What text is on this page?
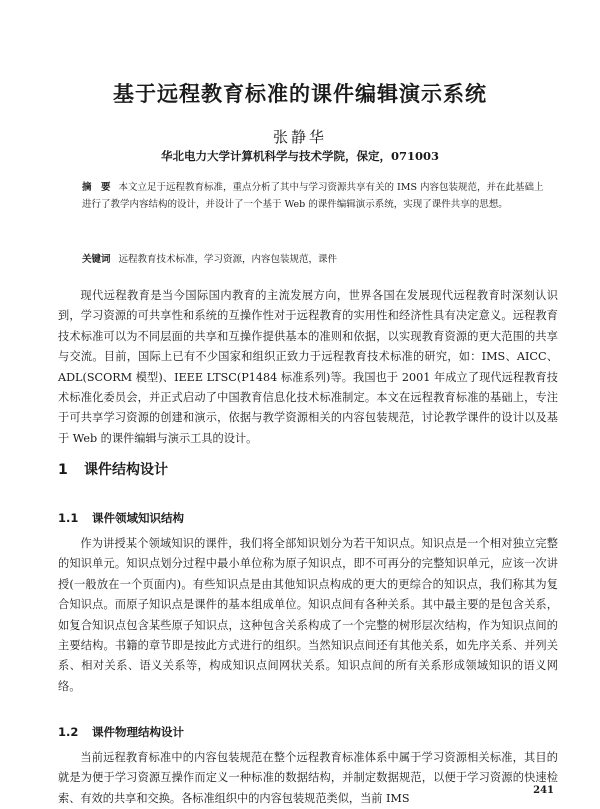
基于远程教育标准的课件编辑演示系统
张静华
华北电力大学计算机科学与技术学院，保定，071003
摘　要 本文立足于远程教育标准，重点分析了其中与学习资源共享有关的 IMS 内容包装规范，并在此基础上进行了教学内容结构的设计，并设计了一个基于 Web 的课件编辑演示系统，实现了课件共享的思想。
关键词 远程教育技术标准，学习资源，内容包装规范，课件

现代远程教育是当今国际国内教育的主流发展方向，世界各国在发展现代远程教育时深刻认识到，学习资源的可共享性和系统的互操作性对于远程教育的实用性和经济性具有决定意义。远程教育技术标准可以为不同层面的共享和互操作提供基本的准则和依据，以实现教育资源的更大范围的共享与交流。目前，国际上已有不少国家和组织正致力于远程教育技术标准的研究，如：IMS、AICC、ADL(SCORM 模型)、IEEE LTSC(P1484 标准系列)等。我国也于 2001 年成立了现代远程教育技术标准化委员会，并正式启动了中国教育信息化技术标准制定。本文在远程教育标准的基础上，专注于可共享学习资源的创建和演示，依据与教学资源相关的内容包装规范，讨论教学课件的设计以及基于 Web 的课件编辑与演示工具的设计。

1 课件结构设计
1.1 课件领域知识结构

作为讲授某个领域知识的课件，我们将全部知识划分为若干知识点。知识点是一个相对独立完整的知识单元。知识点划分过程中最小单位称为原子知识点，即不可再分的完整知识单元，应该一次讲授(一般放在一个页面内)。有些知识点是由其他知识点构成的更大的更综合的知识点，我们称其为复合知识点。而原子知识点是课件的基本组成单位。知识点间有各种关系。其中最主要的是包含关系，如复合知识点包含某些原子知识点，这种包含关系构成了一个完整的树形层次结构，作为知识点间的主要结构。书籍的章节即是按此方式进行的组织。当然知识点间还有其他关系，如先序关系、并列关系、相对关系、语义关系等，构成知识点间网状关系。知识点间的所有关系形成领域知识的语义网络。

1.2 课件物理结构设计

当前远程教育标准中的内容包装规范在整个远程教育标准体系中属于学习资源相关标准，其目的就是为便于学习资源互操作而定义一种标准的数据结构，并制定数据规范，以便于学习资源的快速检索、有效的共享和交换。各标准组织中的内容包装规范类似，当前 IMS

241
